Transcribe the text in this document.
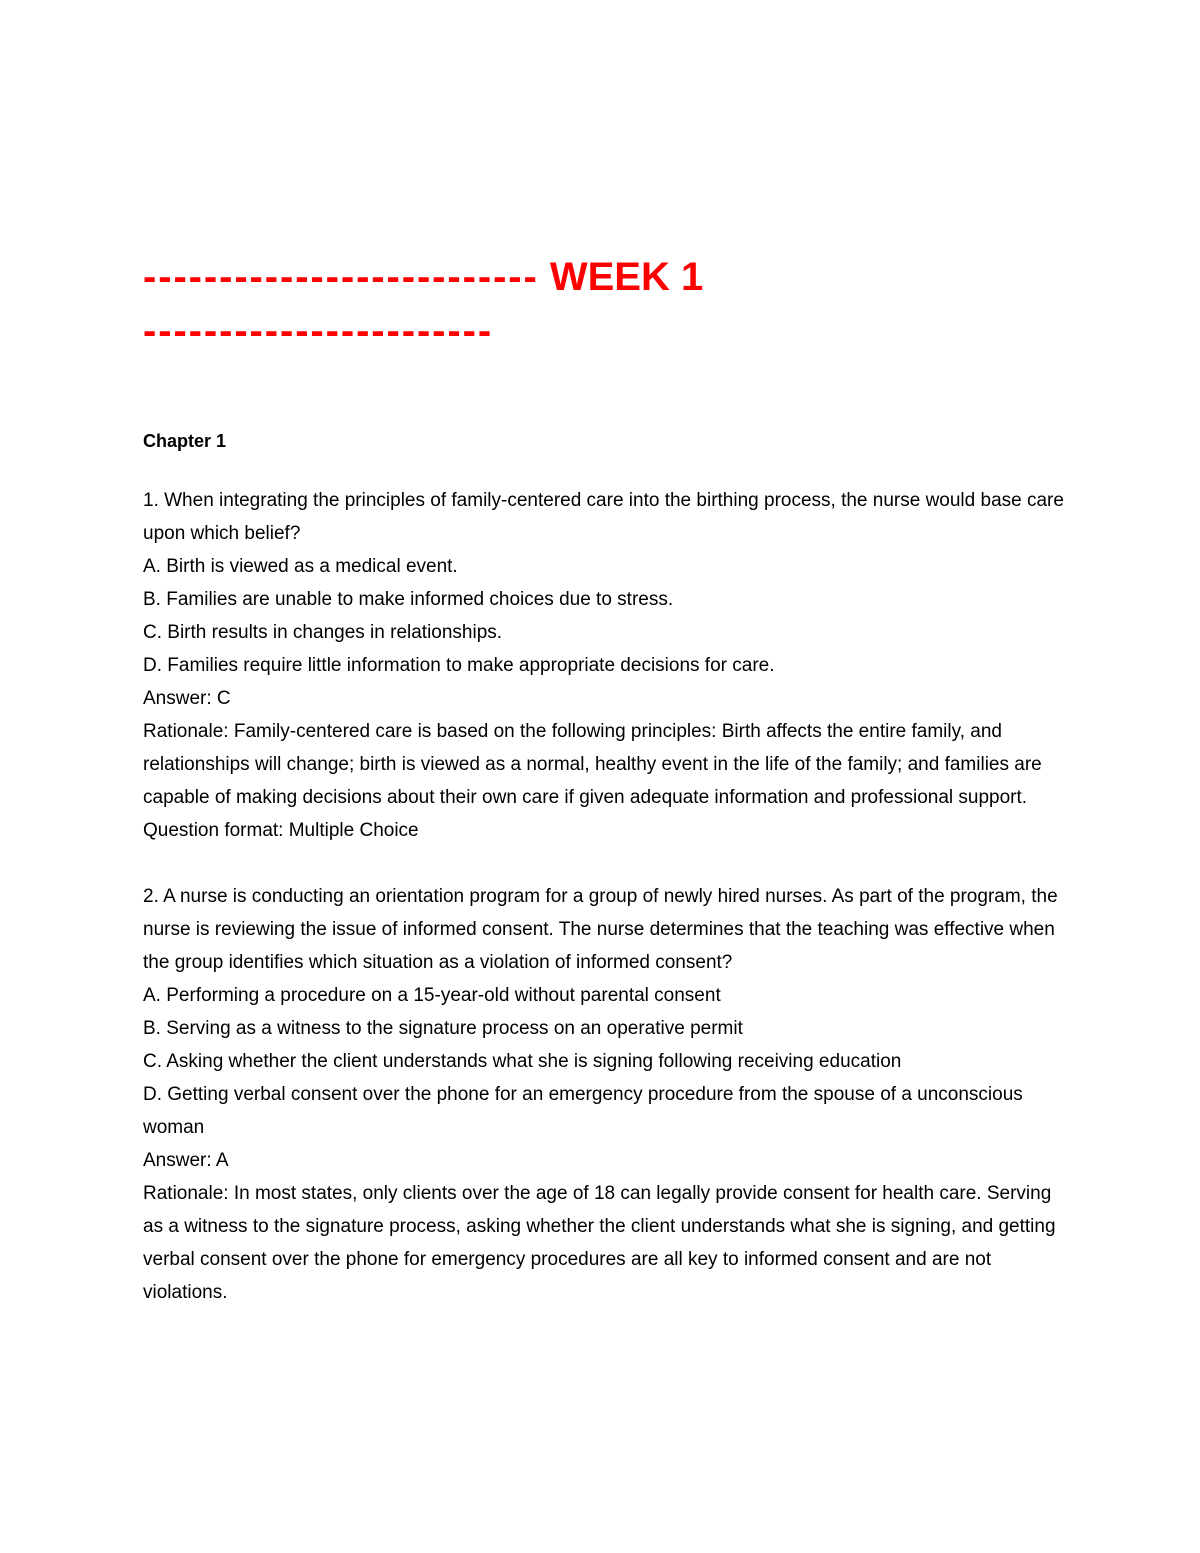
-------------------------- WEEK 1
-----------------------
Chapter 1

1. When integrating the principles of family-centered care into the birthing process, the nurse would base care upon which belief?

A. Birth is viewed as a medical event.

B. Families are unable to make informed choices due to stress.

C. Birth results in changes in relationships.

D. Families require little information to make appropriate decisions for care.

Answer: C

Rationale: Family-centered care is based on the following principles: Birth affects the entire family, and relationships will change; birth is viewed as a normal, healthy event in the life of the family; and families are capable of making decisions about their own care if given adequate information and professional support.

Question format: Multiple Choice

2. A nurse is conducting an orientation program for a group of newly hired nurses. As part of the program, the nurse is reviewing the issue of informed consent. The nurse determines that the teaching was effective when the group identifies which situation as a violation of informed consent?

A. Performing a procedure on a 15-year-old without parental consent

B. Serving as a witness to the signature process on an operative permit

C. Asking whether the client understands what she is signing following receiving education

D. Getting verbal consent over the phone for an emergency procedure from the spouse of a unconscious woman

Answer: A

Rationale: In most states, only clients over the age of 18 can legally provide consent for health care. Serving as a witness to the signature process, asking whether the client understands what she is signing, and getting verbal consent over the phone for emergency procedures are all key to informed consent and are not violations.
